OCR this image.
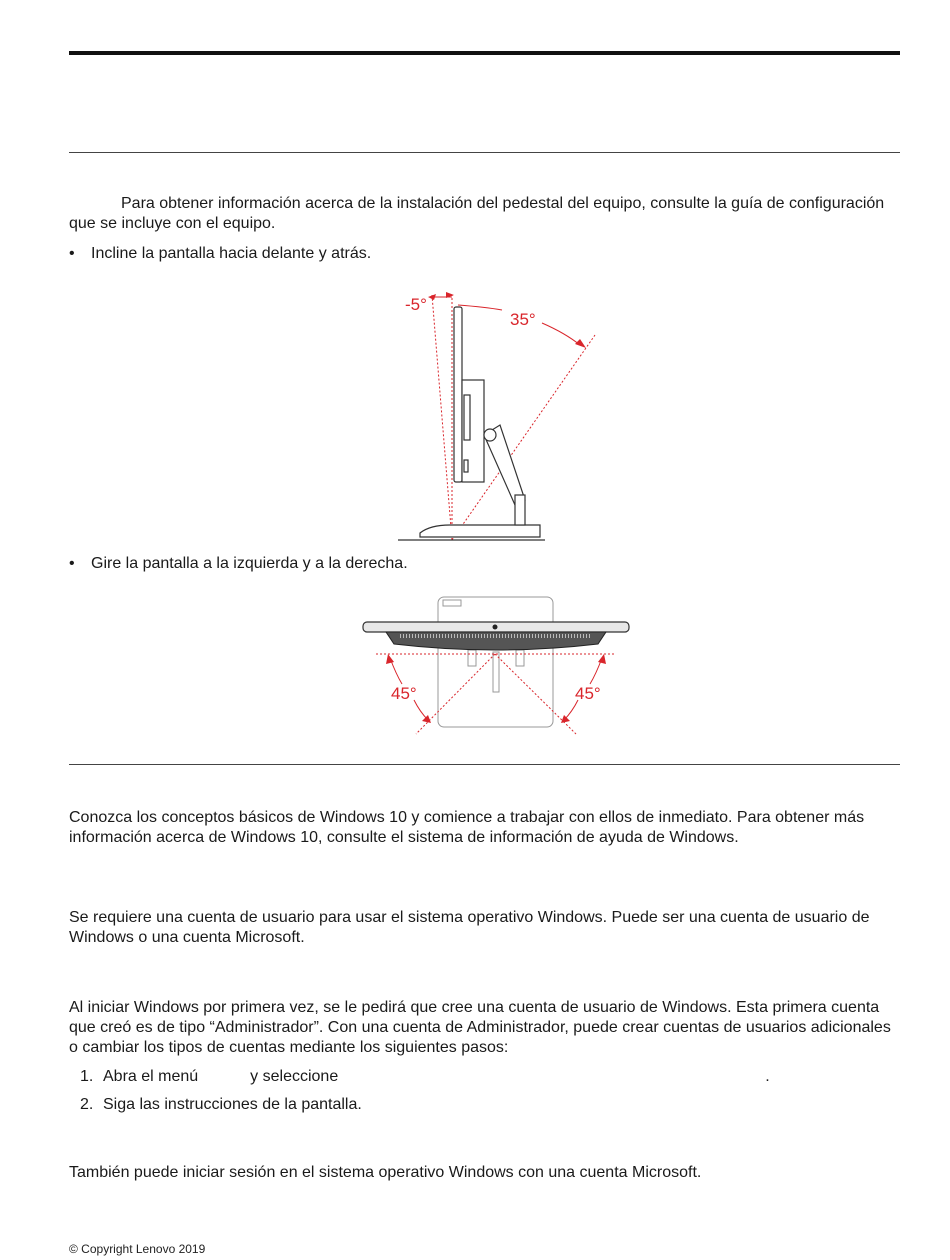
Para obtener información acerca de la instalación del pedestal del equipo, consulte la guía de configuración que se incluye con el equipo.

• Incline la pantalla hacia delante y atrás.
-5°
35°
• Gire la pantalla a la izquierda y a la derecha.
45°	45°

Conozca los conceptos básicos de Windows 10 y comience a trabajar con ellos de inmediato. Para obtener más información acerca de Windows 10, consulte el sistema de información de ayuda de Windows.

Se requiere una cuenta de usuario para usar el sistema operativo Windows. Puede ser una cuenta de usuario de Windows o una cuenta Microsoft.

Al iniciar Windows por primera vez, se le pedirá que cree una cuenta de usuario de Windows. Esta primera cuenta que creó es de tipo “Administrador”. Con una cuenta de Administrador, puede crear cuentas de usuarios adicionales o cambiar los tipos de cuentas mediante los siguientes pasos:

1. Abra el menú	y seleccione	.
2. Siga las instrucciones de la pantalla.

También puede iniciar sesión en el sistema operativo Windows con una cuenta Microsoft.

© Copyright Lenovo 2019
